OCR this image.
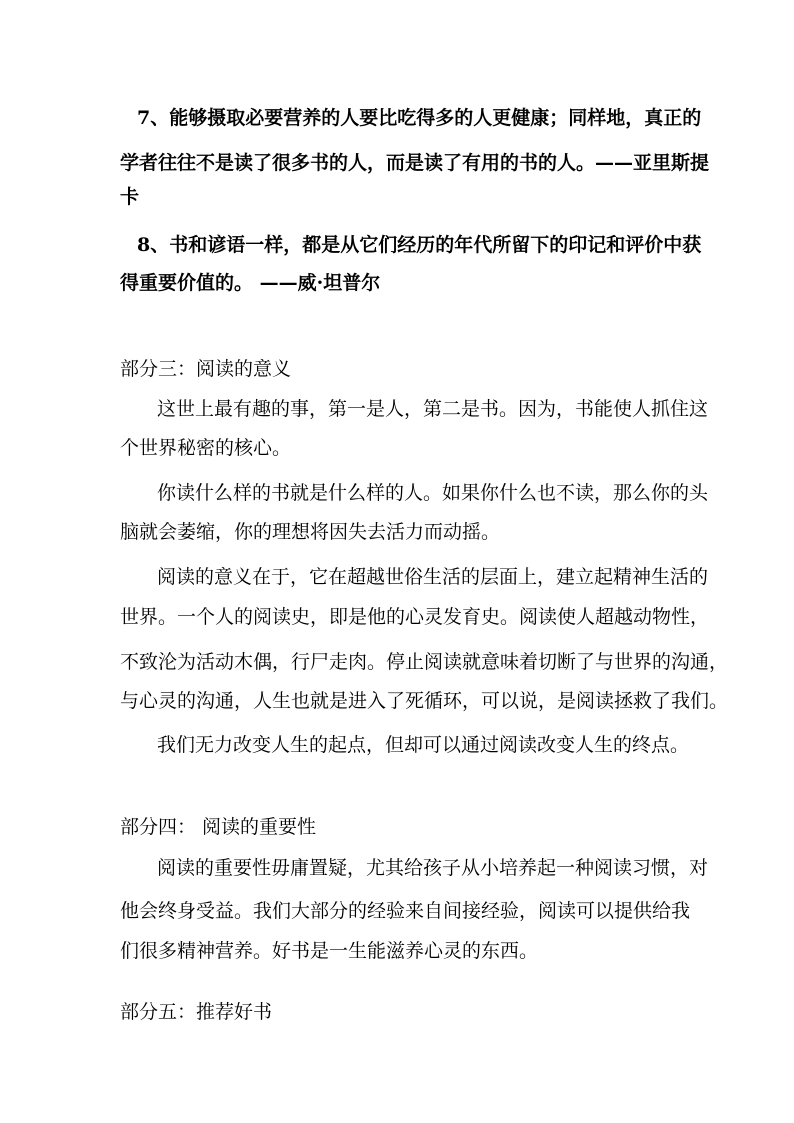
7、能够摄取必要营养的人要比吃得多的人更健康；同样地，真正的
学者往往不是读了很多书的人，而是读了有用的书的人。——亚里斯提
卡
8、书和谚语一样，都是从它们经历的年代所留下的印记和评价中获
得重要价值的。 ——威·坦普尔
部分三：阅读的意义
这世上最有趣的事，第一是人，第二是书。因为，书能使人抓住这
个世界秘密的核心。
你读什么样的书就是什么样的人。如果你什么也不读，那么你的头
脑就会萎缩，你的理想将因失去活力而动摇。
阅读的意义在于，它在超越世俗生活的层面上，建立起精神生活的
世界。一个人的阅读史，即是他的心灵发育史。阅读使人超越动物性，
不致沦为活动木偶，行尸走肉。停止阅读就意味着切断了与世界的沟通，
与心灵的沟通，人生也就是进入了死循环，可以说，是阅读拯救了我们。
我们无力改变人生的起点，但却可以通过阅读改变人生的终点。
部分四： 阅读的重要性
阅读的重要性毋庸置疑，尤其给孩子从小培养起一种阅读习惯，对
他会终身受益。我们大部分的经验来自间接经验，阅读可以提供给我
们很多精神营养。好书是一生能滋养心灵的东西。
部分五：推荐好书
